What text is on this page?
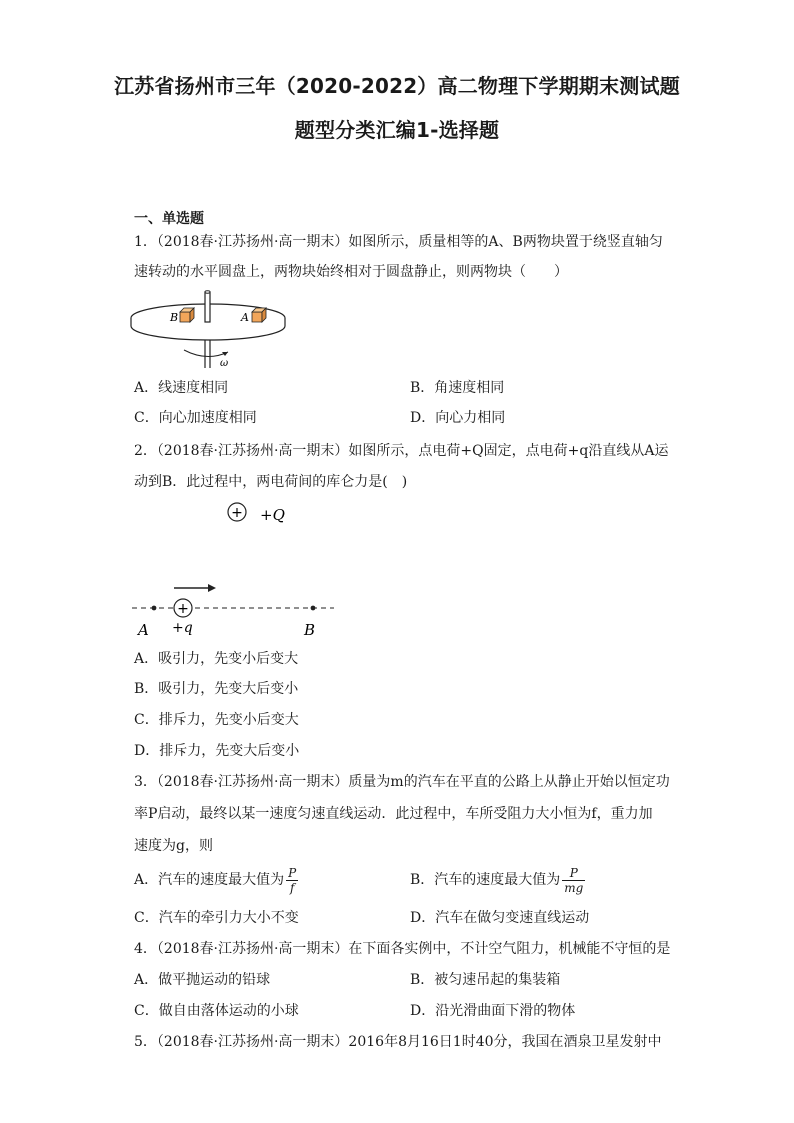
江苏省扬州市三年（2020-2022）高二物理下学期期末测试题
题型分类汇编1-选择题
一、单选题
1．（2018春·江苏扬州·高一期末）如图所示，质量相等的A、B两物块置于绕竖直轴匀
速转动的水平圆盘上，两物块始终相对于圆盘静止，则两物块（　　）
B	A
ω
A．线速度相同	B．角速度相同
C．向心加速度相同	D．向心力相同
2．（2018春·江苏扬州·高一期末）如图所示，点电荷+Q固定，点电荷+q沿直线从A运
动到B．此过程中，两电荷间的库仑力是(　)
+ +Q
+
A +q	B
A．吸引力，先变小后变大
B．吸引力，先变大后变小
C．排斥力，先变小后变大
D．排斥力，先变大后变小
3．（2018春·江苏扬州·高一期末）质量为m的汽车在平直的公路上从静止开始以恒定功
率P启动，最终以某一速度匀速直线运动．此过程中，车所受阻力大小恒为f，重力加
速度为g，则
A．汽车的速度最大值为 $\frac{P}{f}$	B．汽车的速度最大值为 $\frac{P}{mg}$
C．汽车的牵引力大小不变	D．汽车在做匀变速直线运动
4．（2018春·江苏扬州·高一期末）在下面各实例中，不计空气阻力，机械能不守恒的是
A．做平抛运动的铅球	B．被匀速吊起的集装箱
C．做自由落体运动的小球	D．沿光滑曲面下滑的物体
5．（2018春·江苏扬州·高一期末）2016年8月16日1时40分，我国在酒泉卫星发射中
